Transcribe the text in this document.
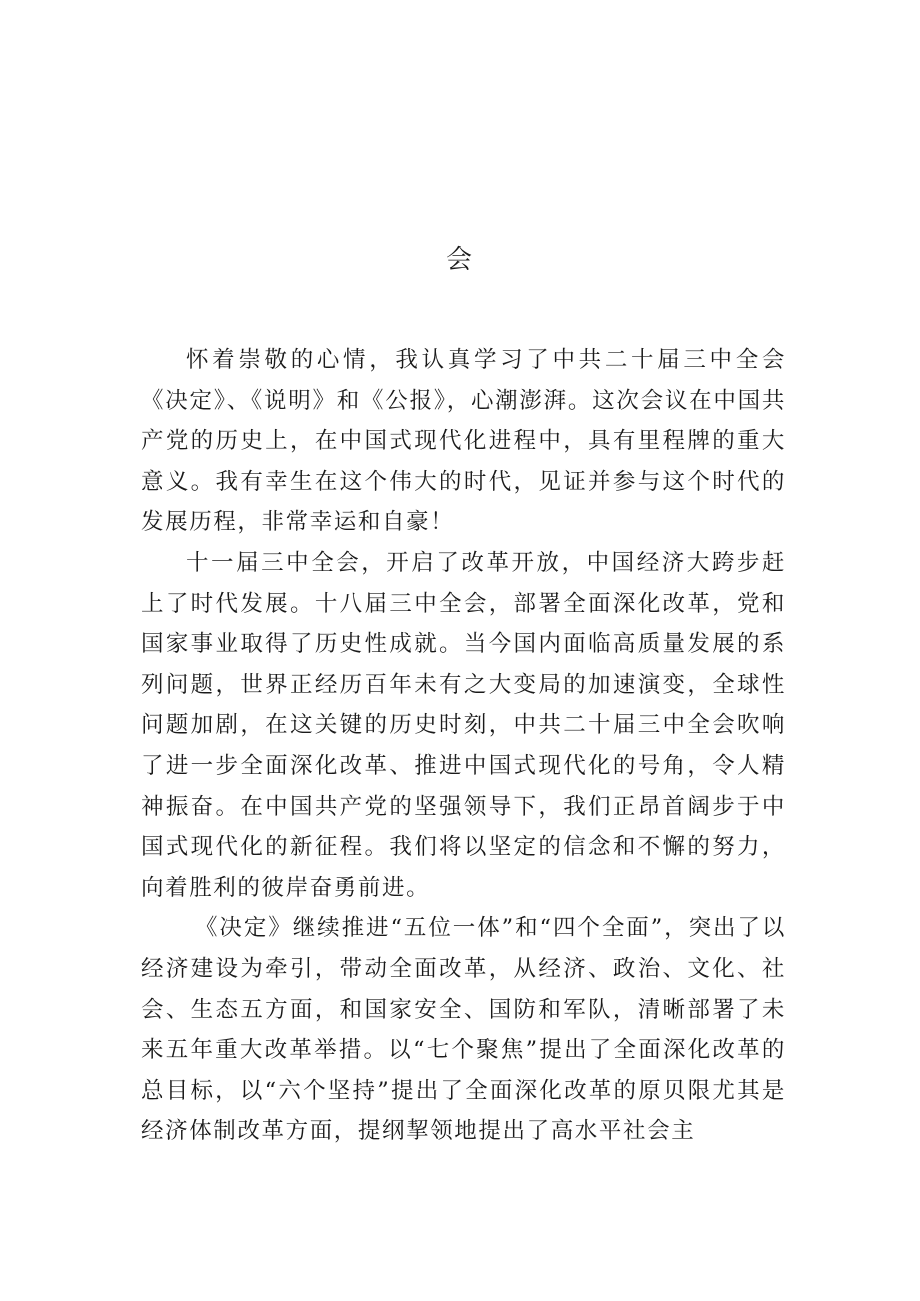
会

怀着崇敬的心情，我认真学习了中共二十届三中全会《决定》、《说明》和《公报》，心潮澎湃。这次会议在中国共产党的历史上，在中国式现代化进程中，具有里程牌的重大意义。我有幸生在这个伟大的时代，见证并参与这个时代的发展历程，非常幸运和自豪！

十一届三中全会，开启了改革开放，中国经济大跨步赶上了时代发展。十八届三中全会，部署全面深化改革，党和国家事业取得了历史性成就。当今国内面临高质量发展的系列问题，世界正经历百年未有之大变局的加速演变，全球性问题加剧，在这关键的历史时刻，中共二十届三中全会吹响了进一步全面深化改革、推进中国式现代化的号角，令人精神振奋。在中国共产党的坚强领导下，我们正昂首阔步于中国式现代化的新征程。我们将以坚定的信念和不懈的努力，向着胜利的彼岸奋勇前进。

《决定》继续推进“五位一体”和“四个全面”，突出了以经济建设为牵引，带动全面改革，从经济、政治、文化、社会、生态五方面，和国家安全、国防和军队，清晰部署了未来五年重大改革举措。以“七个聚焦”提出了全面深化改革的总目标，以“六个坚持”提出了全面深化改革的原贝限尤其是经济体制改革方面，提纲挈领地提出了高水平社会主
